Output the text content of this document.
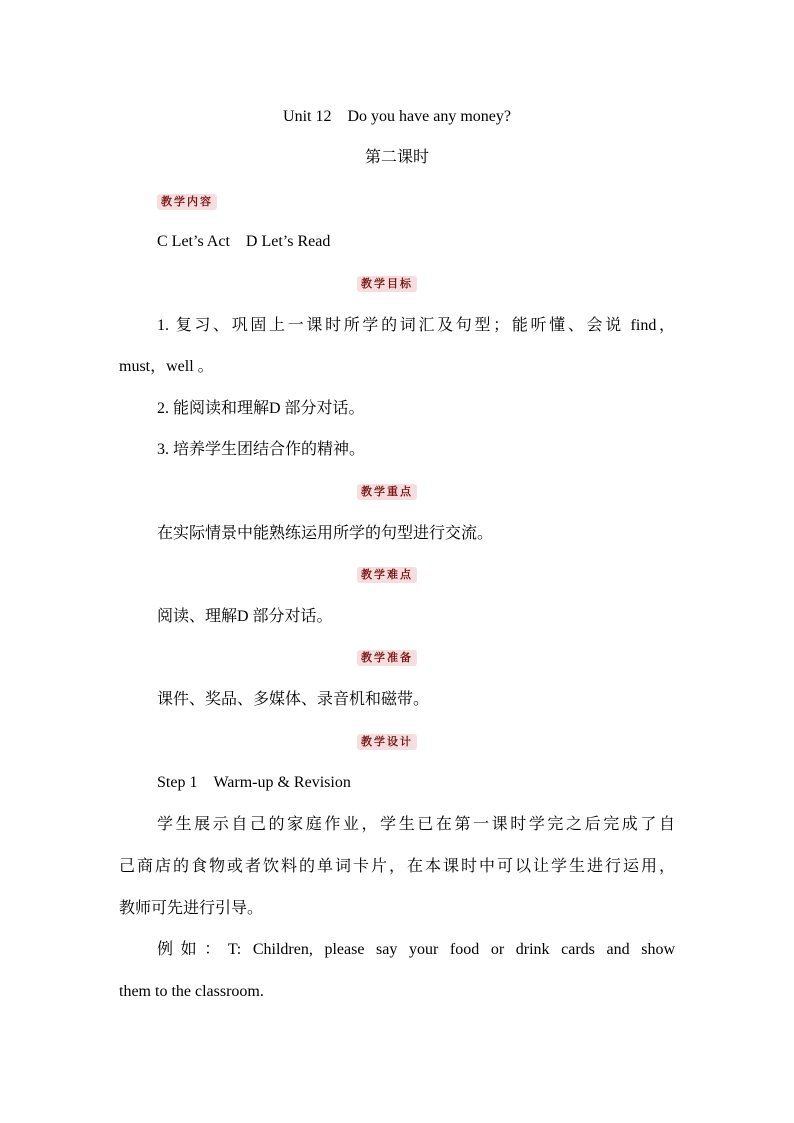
Unit 12 Do you have any money?
第二课时
教学内容
C Let’s Act D Let’s Read
教学目标
1. 复习、巩固上一课时所学的词汇及句型；能听懂、会说 find，
must，well 。
2. 能阅读和理解D 部分对话。
3. 培养学生团结合作的精神。
教学重点
在实际情景中能熟练运用所学的句型进行交流。
教学难点
阅读、理解D 部分对话。
教学准备
课件、奖品、多媒体、录音机和磁带。
教学设计
Step 1 Warm-up & Revision
学生展示自己的家庭作业，学生已在第一课时学完之后完成了自
己商店的食物或者饮料的单词卡片，在本课时中可以让学生进行运用，
教师可先进行引导。
例如：T: Children, please say your food or drink cards and show
them to the classroom.
